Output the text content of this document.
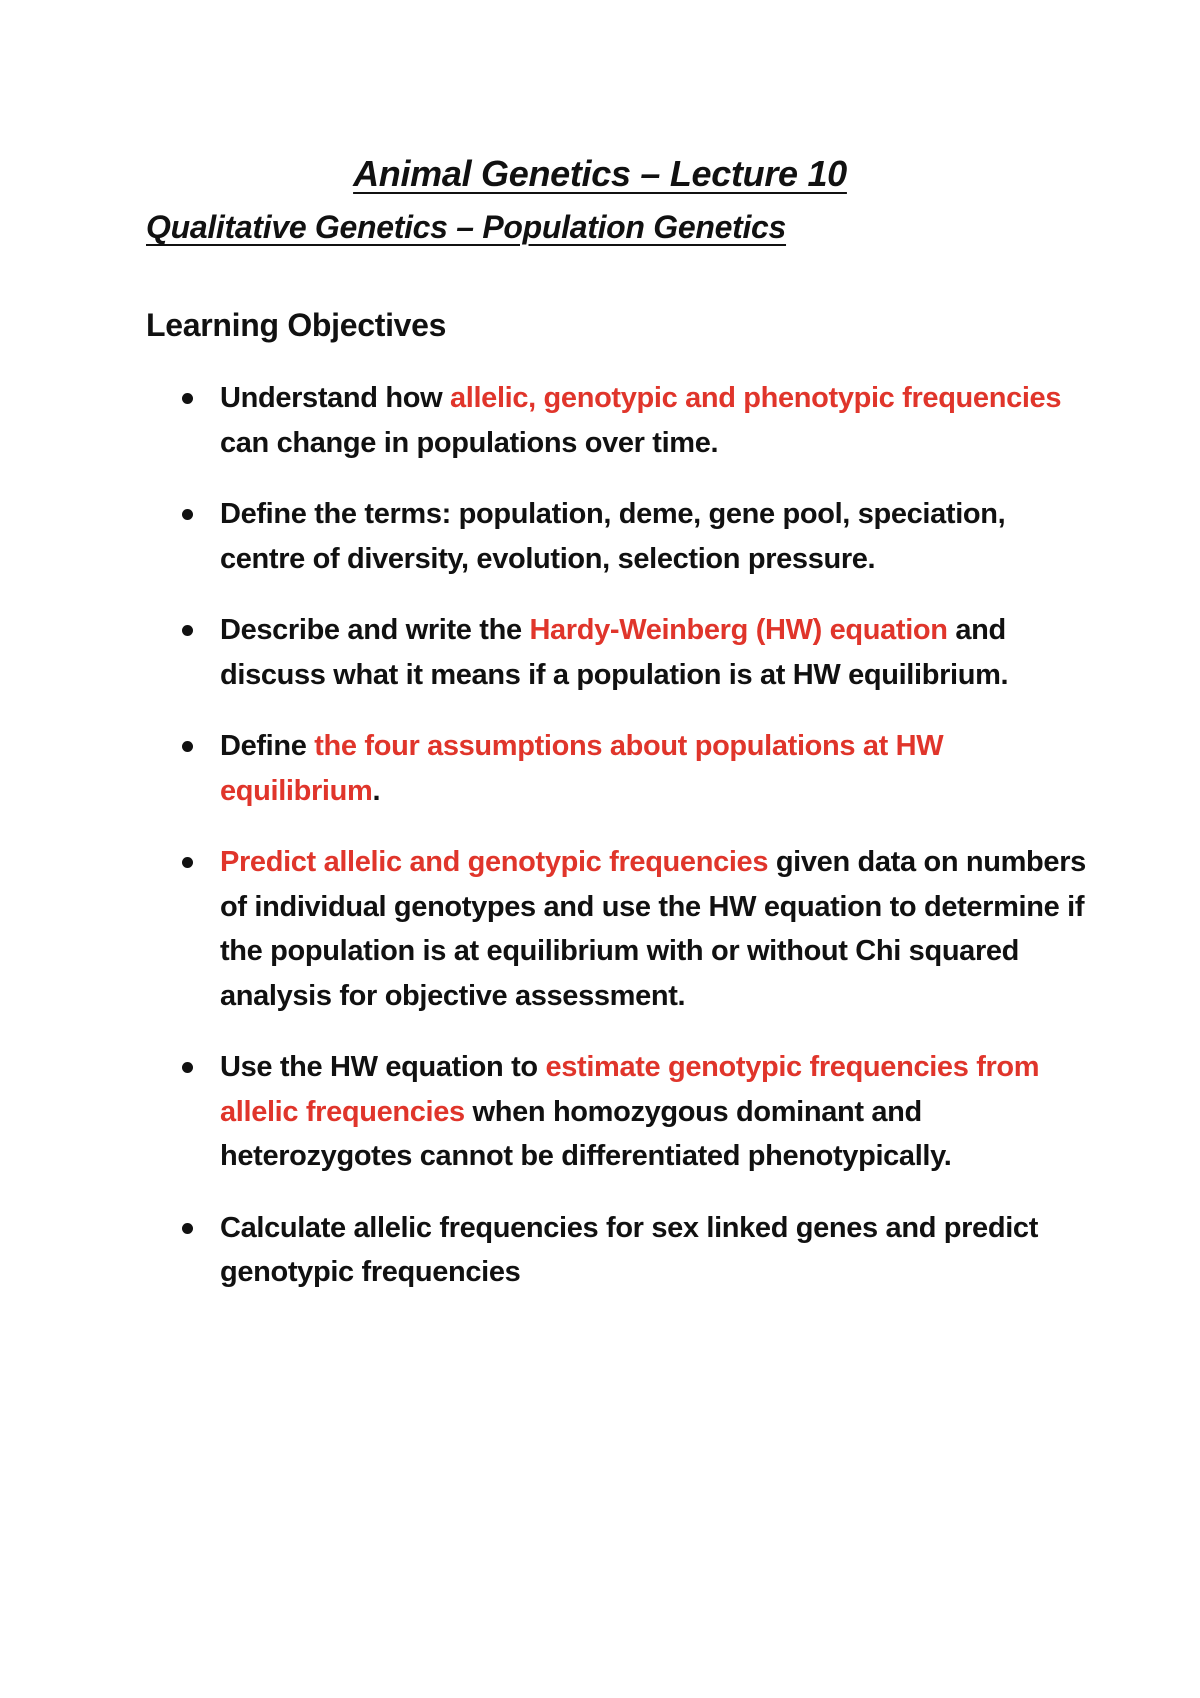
Animal Genetics – Lecture 10
Qualitative Genetics – Population Genetics
Learning Objectives
Understand how allelic, genotypic and phenotypic frequencies can change in populations over time.
Define the terms: population, deme, gene pool, speciation, centre of diversity, evolution, selection pressure.
Describe and write the Hardy-Weinberg (HW) equation and discuss what it means if a population is at HW equilibrium.
Define the four assumptions about populations at HW equilibrium.
Predict allelic and genotypic frequencies given data on numbers of individual genotypes and use the HW equation to determine if the population is at equilibrium with or without Chi squared analysis for objective assessment.
Use the HW equation to estimate genotypic frequencies from allelic frequencies when homozygous dominant and heterozygotes cannot be differentiated phenotypically.
Calculate allelic frequencies for sex linked genes and predict genotypic frequencies
